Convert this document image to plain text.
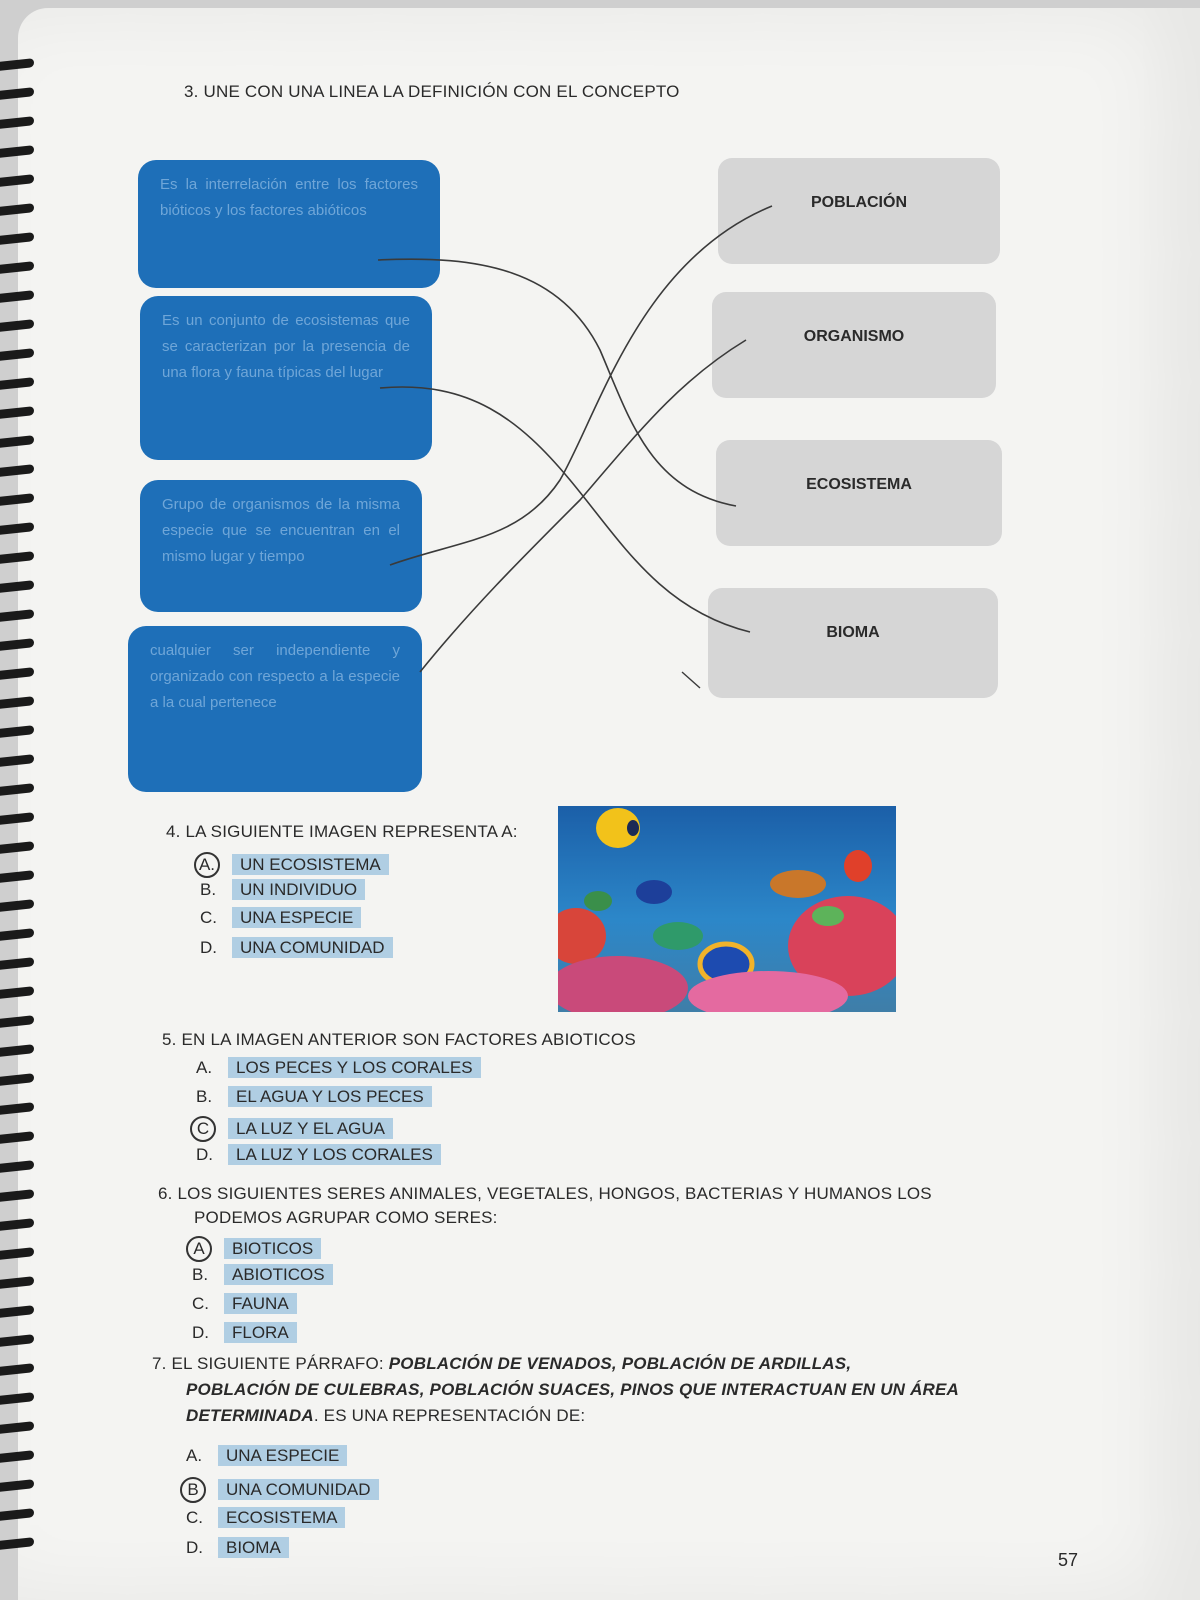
3. UNE CON UNA LINEA LA DEFINICIÓN CON EL CONCEPTO
Es la interrelación entre los factores bióticos y los factores abióticos
Es un conjunto de ecosistemas que se caracterizan por la presencia de una flora y fauna típicas del lugar
Grupo de organismos de la misma especie que se encuentran en el mismo lugar y tiempo
cualquier ser independiente y organizado con respecto a la especie a la cual pertenece
POBLACIÓN
ORGANISMO
ECOSISTEMA
BIOMA
4. LA SIGUIENTE IMAGEN REPRESENTA A:
A. UN ECOSISTEMA
B. UN INDIVIDUO
C. UNA ESPECIE
D. UNA COMUNIDAD
5. EN LA IMAGEN ANTERIOR SON FACTORES ABIOTICOS
A. LOS PECES Y LOS CORALES
B. EL AGUA Y LOS PECES
C LA LUZ Y EL AGUA
D. LA LUZ Y LOS CORALES
6. LOS SIGUIENTES SERES ANIMALES, VEGETALES, HONGOS, BACTERIAS Y HUMANOS LOS
PODEMOS AGRUPAR COMO SERES:
A BIOTICOS
B. ABIOTICOS
C. FAUNA
D. FLORA
7. EL SIGUIENTE PÁRRAFO: POBLACIÓN DE VENADOS, POBLACIÓN DE ARDILLAS,
POBLACIÓN DE CULEBRAS, POBLACIÓN SUACES, PINOS QUE INTERACTUAN EN UN ÁREA
DETERMINADA. ES UNA REPRESENTACIÓN DE:
A. UNA ESPECIE
B UNA COMUNIDAD
C. ECOSISTEMA
D. BIOMA
57
